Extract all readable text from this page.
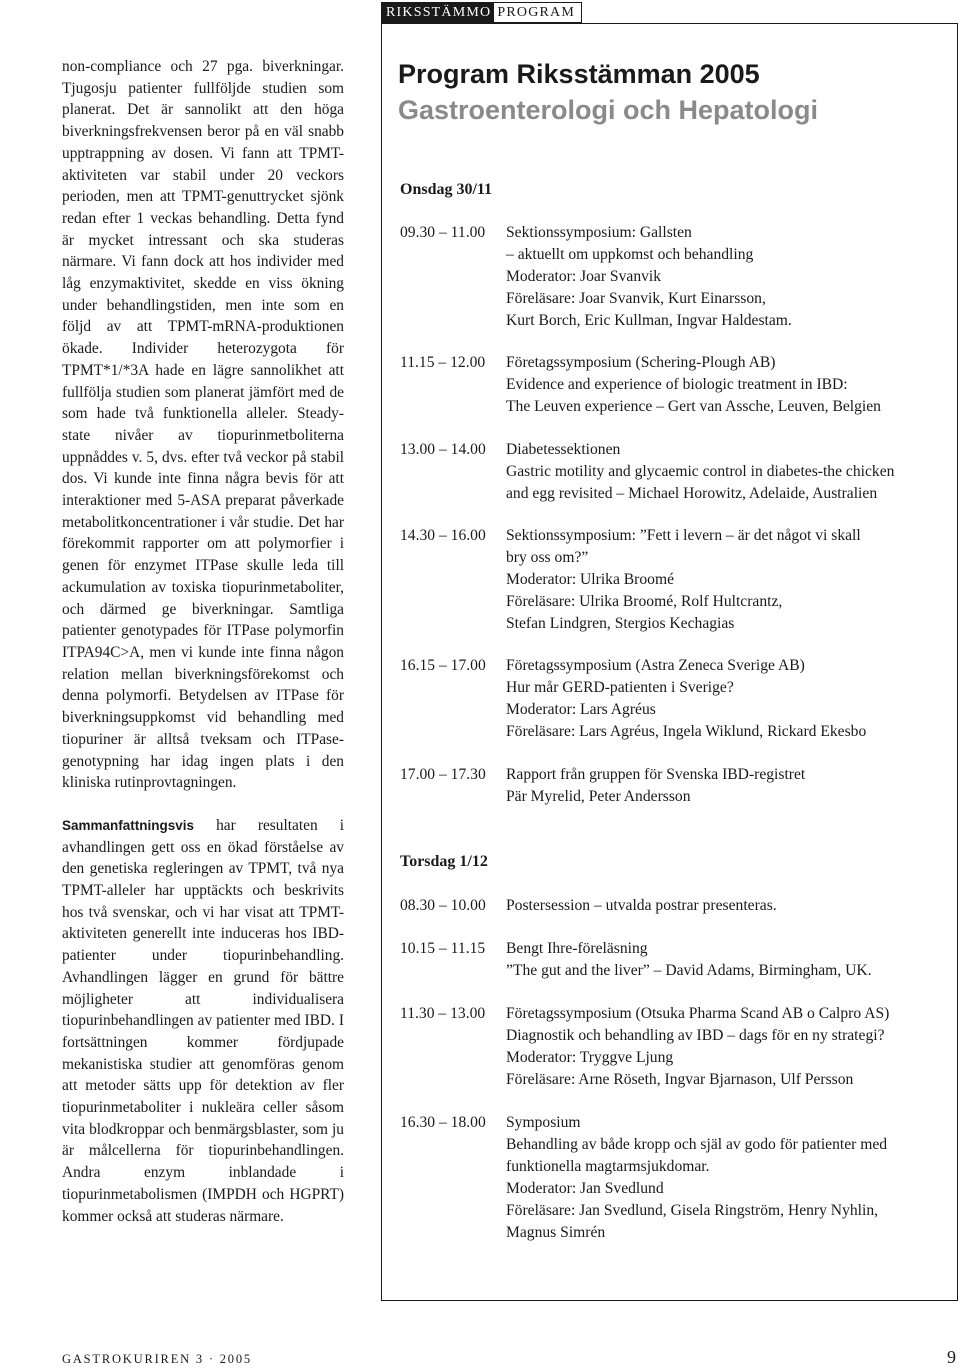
non-compliance och 27 pga. biverkningar. Tjugosju patienter fullföljde studien som planerat. Det är sannolikt att den höga biverkningsfrekvensen beror på en väl snabb upptrappning av dosen. Vi fann att TPMT-aktiviteten var stabil under 20 veckors perioden, men att TPMT-genuttrycket sjönk redan efter 1 veckas behandling. Detta fynd är mycket intressant och ska studeras närmare. Vi fann dock att hos individer med låg enzymaktivitet, skedde en viss ökning under behandlingstiden, men inte som en följd av att TPMT-mRNA-produktionen ökade. Individer heterozygota för TPMT*1/*3A hade en lägre sannolikhet att fullfölja studien som planerat jämfört med de som hade två funktionella alleler. Steady-state nivåer av tiopurinmetboliterna uppnåddes v. 5, dvs. efter två veckor på stabil dos. Vi kunde inte finna några bevis för att interaktioner med 5-ASA preparat påverkade metabolitkoncentrationer i vår studie. Det har förekommit rapporter om att polymorfier i genen för enzymet ITPase skulle leda till ackumulation av toxiska tiopurinmetaboliter, och därmed ge biverkningar. Samtliga patienter genotypades för ITPase polymorfin ITPA94C>A, men vi kunde inte finna någon relation mellan biverkningsförekomst och denna polymorfi. Betydelsen av ITPase för biverkningsuppkomst vid behandling med tiopuriner är alltså tveksam och ITPase-genotypning har idag ingen plats i den kliniska rutinprovtagningen.

Sammanfattningsvis har resultaten i avhandlingen gett oss en ökad förståelse av den genetiska regleringen av TPMT, två nya TPMT-alleler har upptäckts och beskrivits hos två svenskar, och vi har visat att TPMT-aktiviteten generellt inte induceras hos IBD-patienter under tiopurinbehandling. Avhandlingen lägger en grund för bättre möjligheter att individualisera tiopurinbehandlingen av patienter med IBD. I fortsättningen kommer fördjupade mekanistiska studier att genomföras genom att metoder sätts upp för detektion av fler tiopurinmetaboliter i nukleära celler såsom vita blodkroppar och benmärgsblaster, som ju är målcellerna för tiopurinbehandlingen. Andra enzym inblandade i tiopurinmetabolismen (IMPDH och HGPRT) kommer också att studeras närmare.

RIKSSTÄMMO PROGRAM
Program Riksstämman 2005
Gastroenterologi och Hepatologi
Onsdag 30/11
09.30 – 11.00 Sektionssymposium: Gallsten
– aktuellt om uppkomst och behandling
Moderator: Joar Svanvik
Föreläsare: Joar Svanvik, Kurt Einarsson,
Kurt Borch, Eric Kullman, Ingvar Haldestam.
11.15 – 12.00 Företagssymposium (Schering-Plough AB)
Evidence and experience of biologic treatment in IBD:
The Leuven experience – Gert van Assche, Leuven, Belgien
13.00 – 14.00 Diabetessektionen
Gastric motility and glycaemic control in diabetes-the chicken
and egg revisited – Michael Horowitz, Adelaide, Australien
14.30 – 16.00 Sektionssymposium: ”Fett i levern – är det något vi skall
bry oss om?”
Moderator: Ulrika Broomé
Föreläsare: Ulrika Broomé, Rolf Hultcrantz,
Stefan Lindgren, Stergios Kechagias
16.15 – 17.00 Företagssymposium (Astra Zeneca Sverige AB)
Hur mår GERD-patienten i Sverige?
Moderator: Lars Agréus
Föreläsare: Lars Agréus, Ingela Wiklund, Rickard Ekesbo
17.00 – 17.30 Rapport från gruppen för Svenska IBD-registret
Pär Myrelid, Peter Andersson
Torsdag 1/12
08.30 – 10.00 Postersession – utvalda postrar presenteras.
10.15 – 11.15 Bengt Ihre-föreläsning
”The gut and the liver” – David Adams, Birmingham, UK.
11.30 – 13.00 Företagssymposium (Otsuka Pharma Scand AB o Calpro AS)
Diagnostik och behandling av IBD – dags för en ny strategi?
Moderator: Tryggve Ljung
Föreläsare: Arne Röseth, Ingvar Bjarnason, Ulf Persson
16.30 – 18.00 Symposium
Behandling av både kropp och själ av godo för patienter med
funktionella magtarmsjukdomar.
Moderator: Jan Svedlund
Föreläsare: Jan Svedlund, Gisela Ringström, Henry Nyhlin,
Magnus Simrén
GASTROKURIREN 3 · 2005	9
